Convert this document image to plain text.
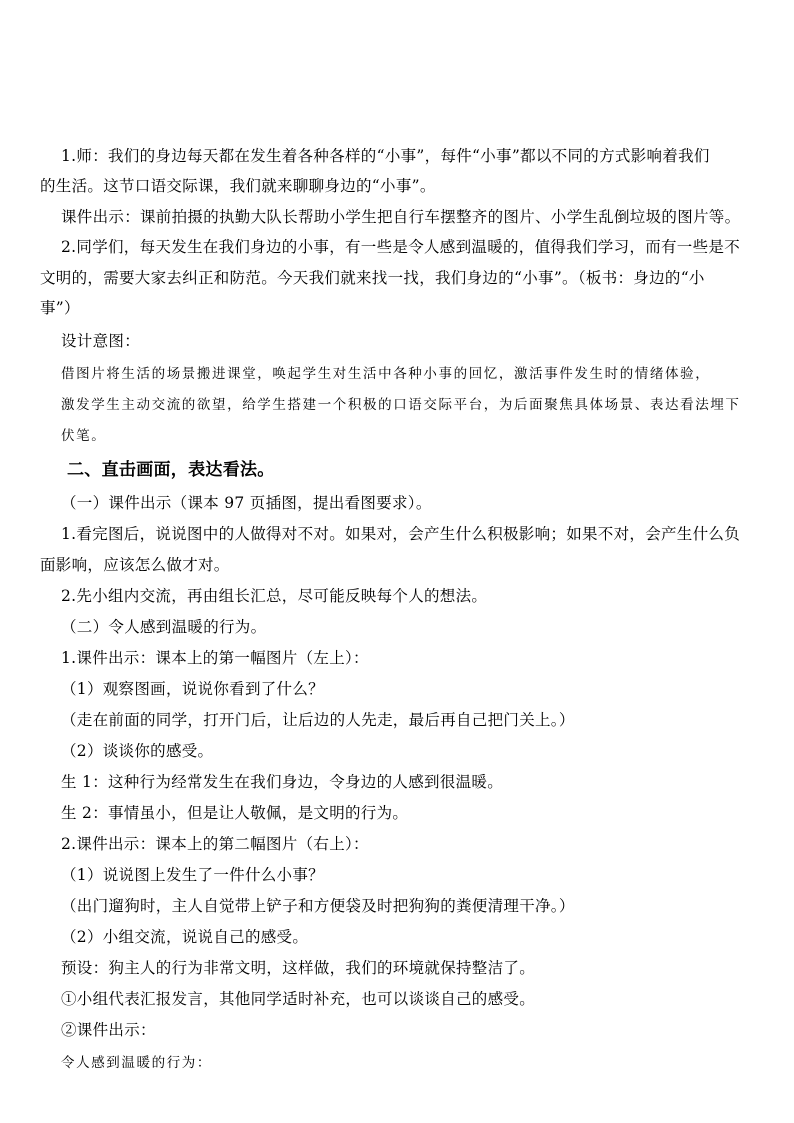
1.师：我们的身边每天都在发生着各种各样的“小事”，每件“小事”都以不同的方式影响着我们
的生活。这节口语交际课，我们就来聊聊身边的“小事”。
课件出示：课前拍摄的执勤大队长帮助小学生把自行车摆整齐的图片、小学生乱倒垃圾的图片等。
2.同学们，每天发生在我们身边的小事，有一些是令人感到温暖的，值得我们学习，而有一些是不
文明的，需要大家去纠正和防范。今天我们就来找一找，我们身边的“小事”。（板书：身边的“小
事”）
设计意图：
借图片将生活的场景搬进课堂，唤起学生对生活中各种小事的回忆，激活事件发生时的情绪体验，
激发学生主动交流的欲望，给学生搭建一个积极的口语交际平台，为后面聚焦具体场景、表达看法埋下
伏笔。
二、直击画面，表达看法。
（一）课件出示（课本 97 页插图，提出看图要求）。
1.看完图后，说说图中的人做得对不对。如果对，会产生什么积极影响；如果不对，会产生什么负
面影响，应该怎么做才对。
2.先小组内交流，再由组长汇总，尽可能反映每个人的想法。
（二）令人感到温暖的行为。
1.课件出示：课本上的第一幅图片（左上）：
（1）观察图画，说说你看到了什么？
（走在前面的同学，打开门后，让后边的人先走，最后再自己把门关上。）
（2）谈谈你的感受。
生 1：这种行为经常发生在我们身边，令身边的人感到很温暖。
生 2：事情虽小，但是让人敬佩，是文明的行为。
2.课件出示：课本上的第二幅图片（右上）：
（1）说说图上发生了一件什么小事？
（出门遛狗时，主人自觉带上铲子和方便袋及时把狗狗的粪便清理干净。）
（2）小组交流，说说自己的感受。
预设：狗主人的行为非常文明，这样做，我们的环境就保持整洁了。
①小组代表汇报发言，其他同学适时补充，也可以谈谈自己的感受。
②课件出示：
令人感到温暖的行为：
